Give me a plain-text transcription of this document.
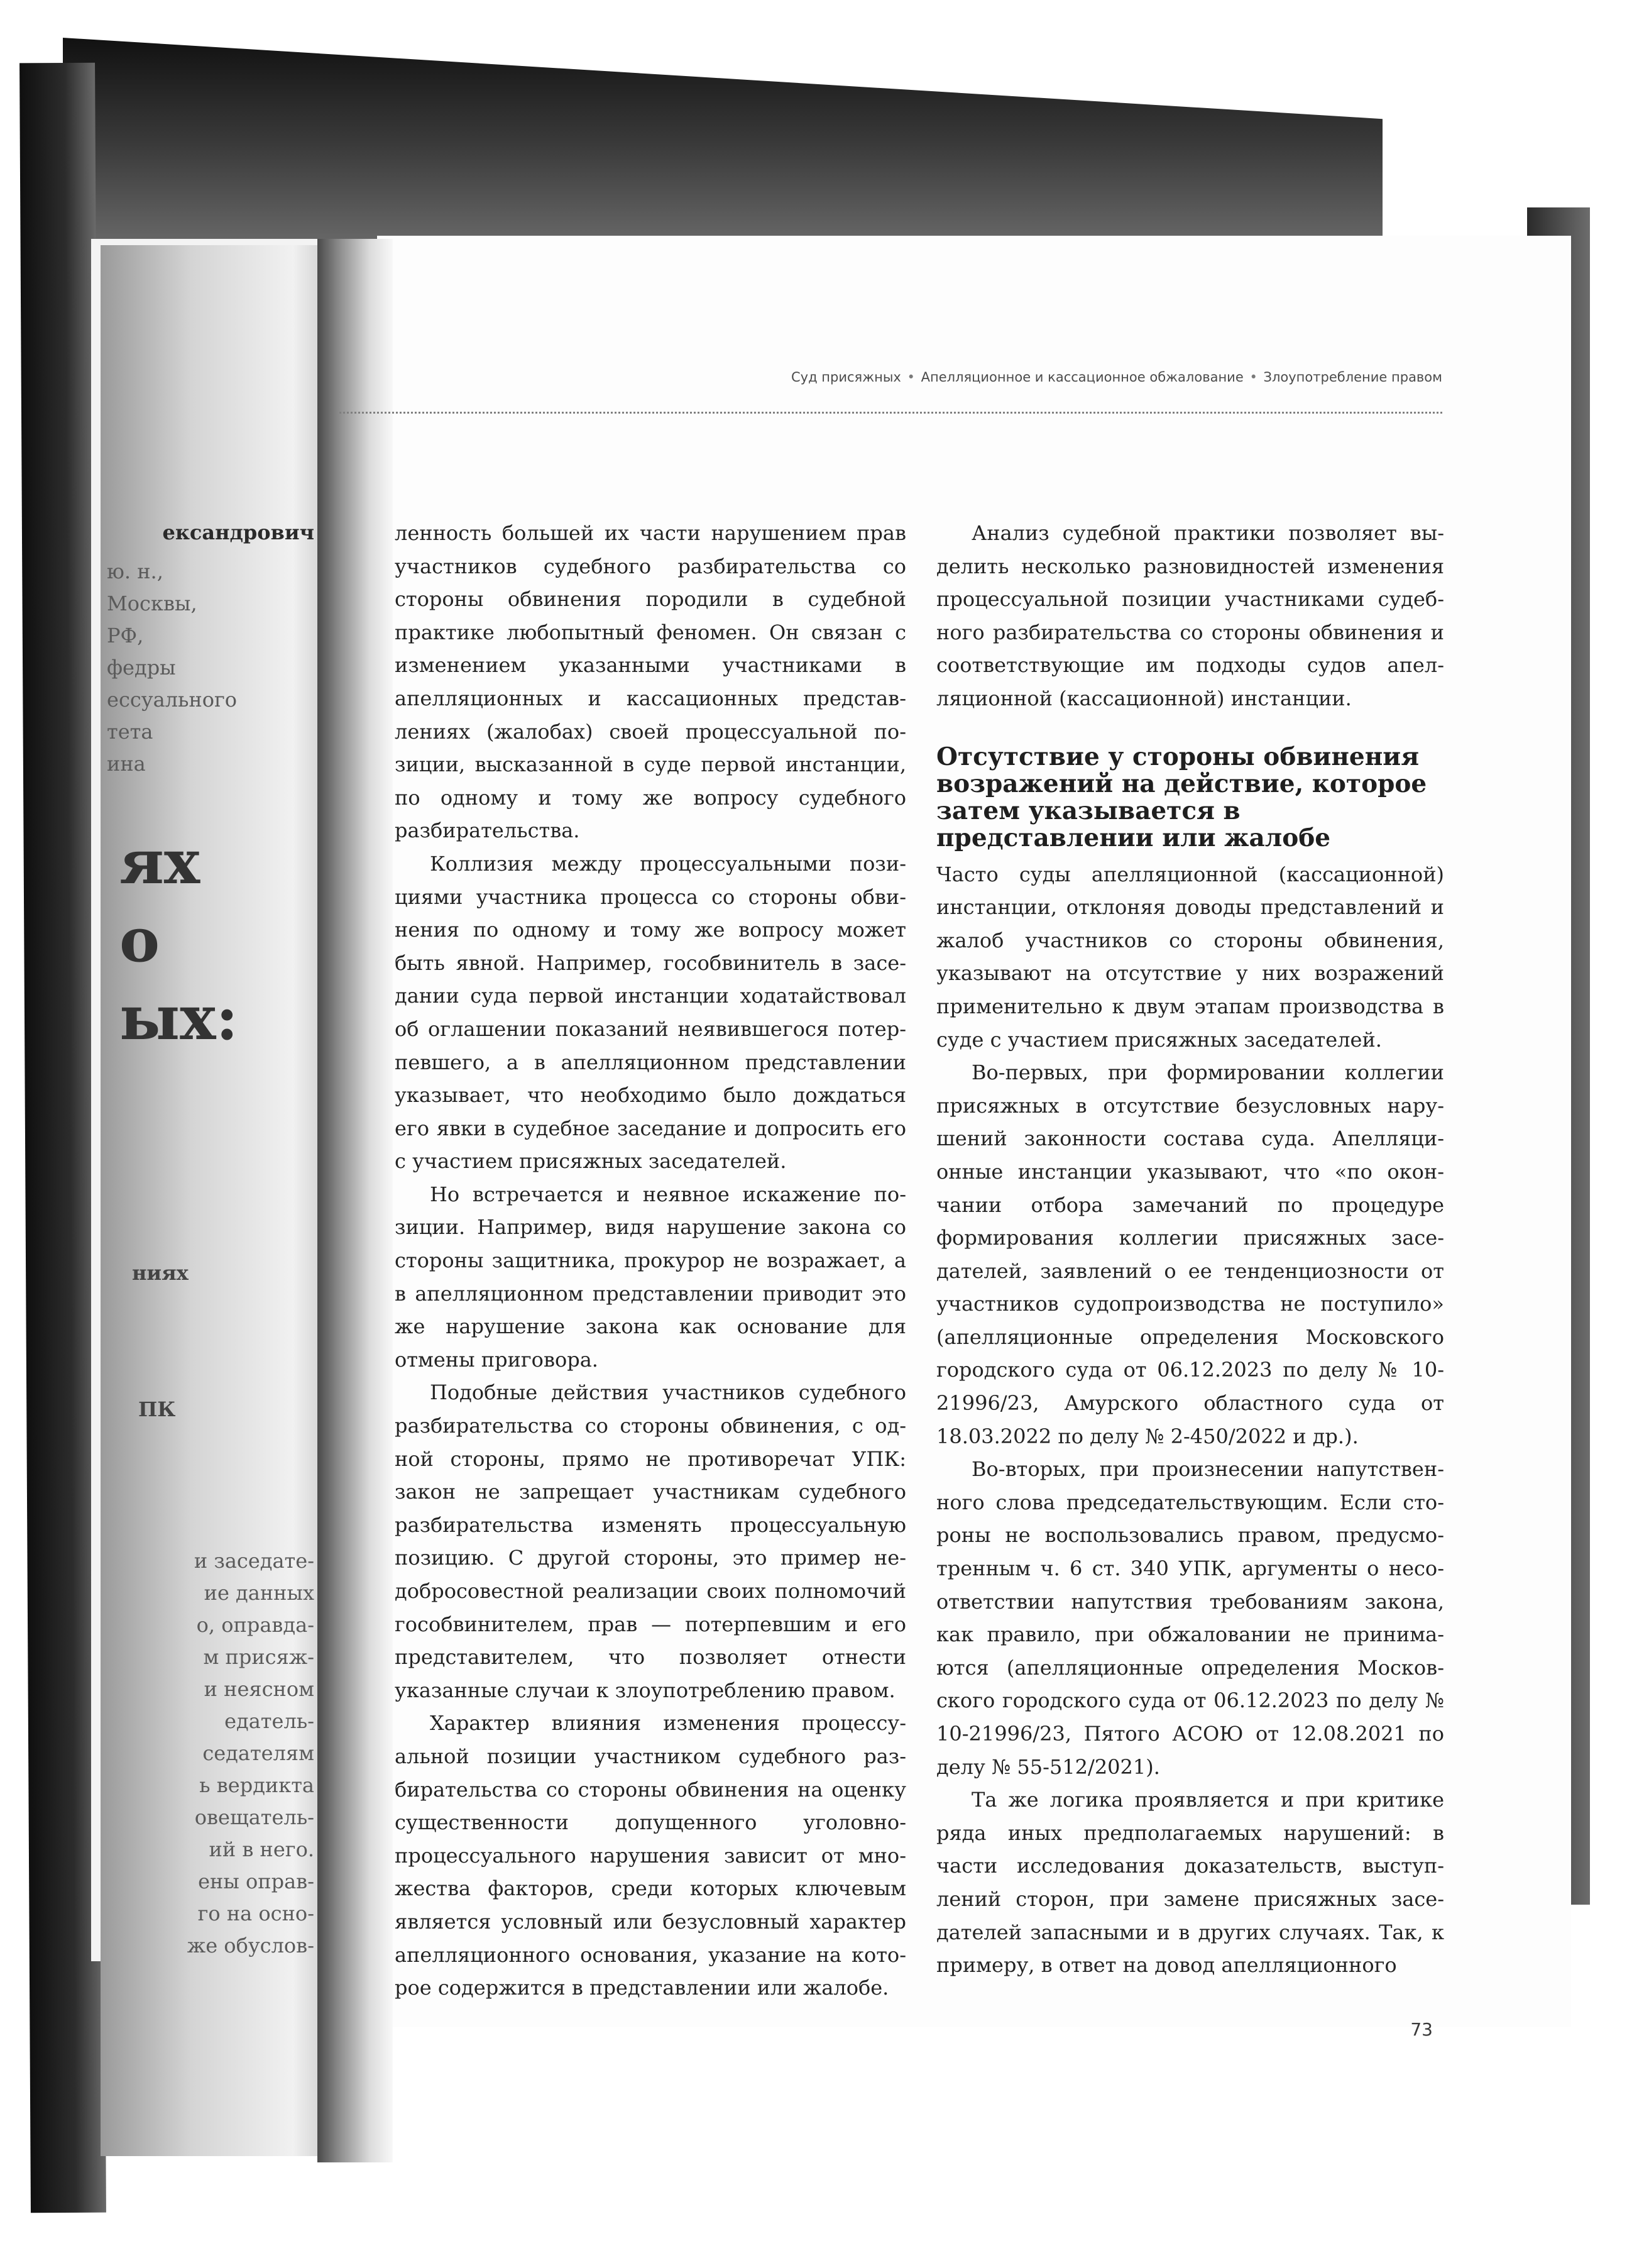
ександрович
ю. н.,
Москвы,
РФ,
федры
ессуального
тета
ина
ях
о
ых:
ниях
ПК
и заседате-
ие данных
о, оправда-
м присяж-
и неясном
едатель-
седателям
ь вердикта
овещатель-
ий в него.
ены оправ-
го на осно-
же обуслов-
Суд присяжных • Апелляционное и кассационное обжалование • Злоупотребление правом

ленность большей их части нарушением прав участников судебного разбирательства со стороны обвинения породили в судебной практике любопытный феномен. Он связан с изменением указанными участниками в апелляционных и кассационных представлениях (жалобах) своей процессуальной позиции, высказанной в суде первой инстанции, по одному и тому же вопросу судебного разбирательства.

Коллизия между процессуальными позициями участника процесса со стороны обвинения по одному и тому же вопросу может быть явной. Например, гособвинитель в заседании суда первой инстанции ходатайствовал об оглашении показаний неявившегося потерпевшего, а в апелляционном представлении указывает, что необходимо было дождаться его явки в судебное заседание и допросить его с участием присяжных заседателей.

Но встречается и неявное искажение позиции. Например, видя нарушение закона со стороны защитника, прокурор не возражает, а в апелляционном представлении приводит это же нарушение закона как основание для отмены приговора.

Подобные действия участников судебного разбирательства со стороны обвинения, с одной стороны, прямо не противоречат УПК: закон не запрещает участникам судебного разбирательства изменять процессуальную позицию. С другой стороны, это пример недобросовестной реализации своих полномочий гособвинителем, прав — потерпевшим и его представителем, что позволяет отнести указанные случаи к злоупотреблению правом.

Характер влияния изменения процессуальной позиции участником судебного разбирательства со стороны обвинения на оценку существенности допущенного уголовнопроцессуального нарушения зависит от множества факторов, среди которых ключевым является условный или безусловный характер апелляционного основания, указание на которое содержится в представлении или жалобе.

Анализ судебной практики позволяет выделить несколько разновидностей изменения процессуальной позиции участниками судебного разбирательства со стороны обвинения и соответствующие им подходы судов апелляционной (кассационной) инстанции.

Отсутствие у стороны обвинения возражений на действие, которое затем указывается в представлении или жалобе

Часто суды апелляционной (кассационной) инстанции, отклоняя доводы представлений и жалоб участников со стороны обвинения, указывают на отсутствие у них возражений применительно к двум этапам производства в суде с участием присяжных заседателей.

Во-первых, при формировании коллегии присяжных в отсутствие безусловных нарушений законности состава суда. Апелляционные инстанции указывают, что «по окончании отбора замечаний по процедуре формирования коллегии присяжных заседателей, заявлений о ее тенденциозности от участников судопроизводства не поступило» (апелляционные определения Московского городского суда от 06.12.2023 по делу № 10-21996/23, Амурского областного суда от 18.03.2022 по делу № 2-450/2022 и др.).

Во-вторых, при произнесении напутственного слова председательствующим. Если стороны не воспользовались правом, предусмотренным ч. 6 ст. 340 УПК, аргументы о несоответствии напутствия требованиям закона, как правило, при обжаловании не принимаются (апелляционные определения Московского городского суда от 06.12.2023 по делу № 10-21996/23, Пятого АСОЮ от 12.08.2021 по делу № 55-512/2021).

Та же логика проявляется и при критике ряда иных предполагаемых нарушений: в части исследования доказательств, выступлений сторон, при замене присяжных заседателей запасными и в других случаях. Так, к примеру, в ответ на довод апелляционного

73
